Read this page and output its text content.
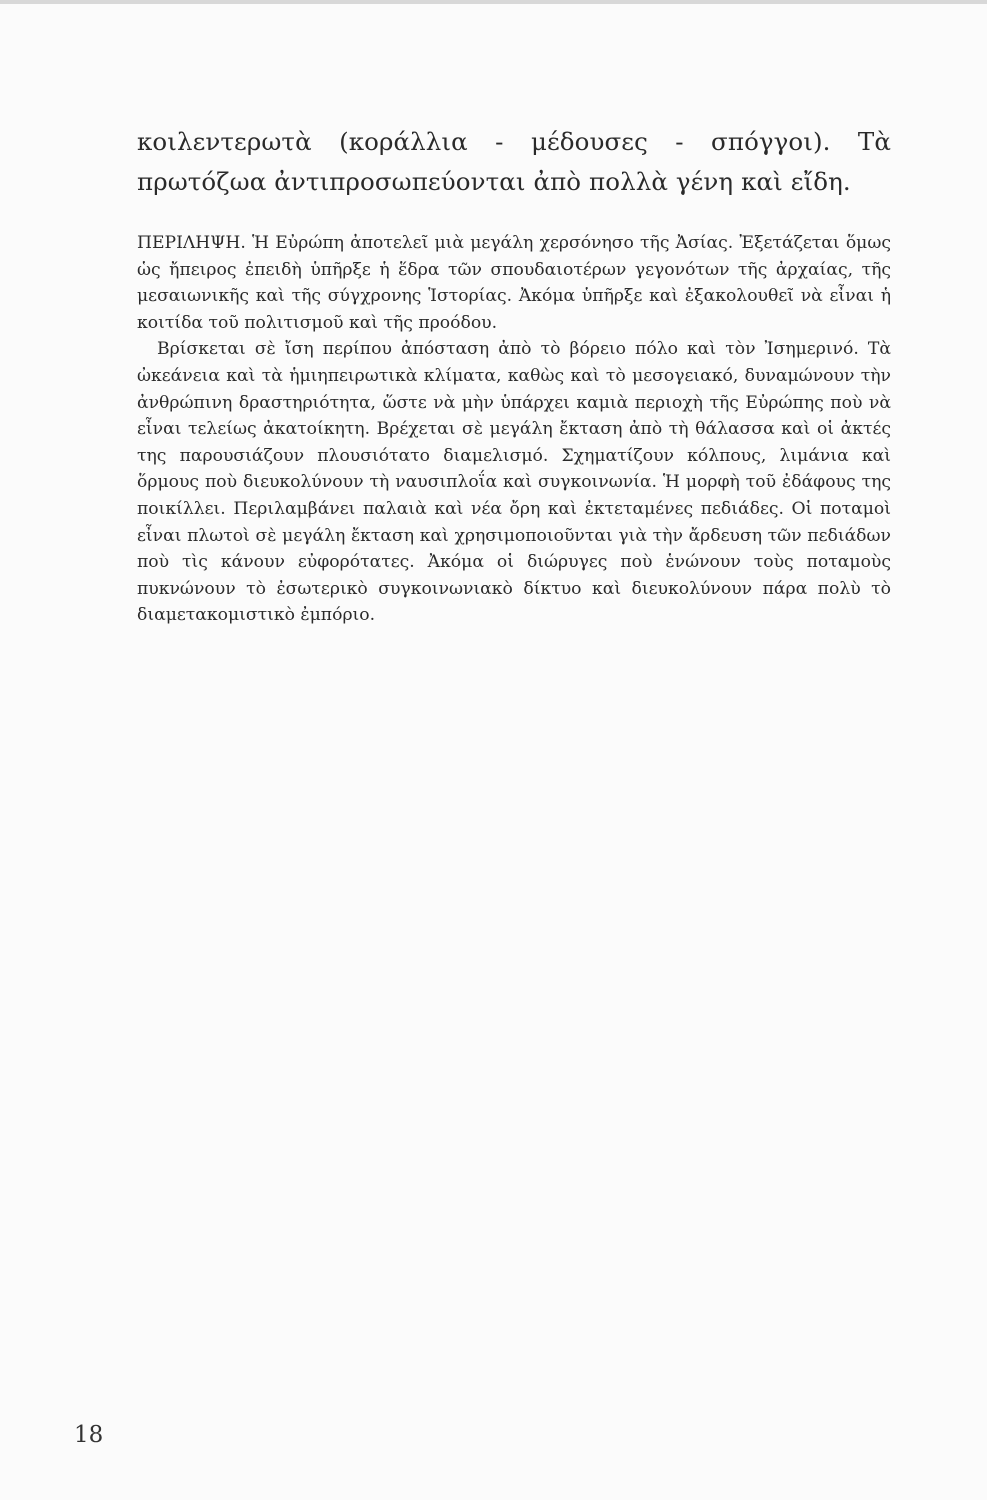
κοιλεντερωτὰ (κοράλλια - μέδουσες - σπόγγοι). Τὰ πρωτόζωα ἀντιπροσωπεύονται ἀπὸ πολλὰ γένη καὶ εἴδη.

ΠΕΡΙΛΗΨΗ. Ἡ Εὐρώπη ἀποτελεῖ μιὰ μεγάλη χερσόνησο τῆς Ἀσίας. Ἐξετάζεται ὅμως ὡς ἤπειρος ἐπειδὴ ὑπῆρξε ἡ ἕδρα τῶν σπουδαιοτέρων γεγονότων τῆς ἀρχαίας, τῆς μεσαιωνικῆς καὶ τῆς σύγχρονης Ἱστορίας. Ἀκόμα ὑπῆρξε καὶ ἐξακολουθεῖ νὰ εἶναι ἡ κοιτίδα τοῦ πολιτισμοῦ καὶ τῆς προόδου.

Βρίσκεται σὲ ἴση περίπου ἀπόσταση ἀπὸ τὸ βόρειο πόλο καὶ τὸν Ἰσημερινό. Τὰ ὠκεάνεια καὶ τὰ ἡμιηπειρωτικὰ κλίματα, καθὼς καὶ τὸ μεσογειακό, δυναμώνουν τὴν ἀνθρώπινη δραστηριότητα, ὥστε νὰ μὴν ὑπάρχει καμιὰ περιοχὴ τῆς Εὐρώπης ποὺ νὰ εἶναι τελείως ἀκατοίκητη. Βρέχεται σὲ μεγάλη ἔκταση ἀπὸ τὴ θάλασσα καὶ οἱ ἀκτές της παρουσιάζουν πλουσιότατο διαμελισμό. Σχηματίζουν κόλπους, λιμάνια καὶ ὅρμους ποὺ διευκολύνουν τὴ ναυσιπλοΐα καὶ συγκοινωνία. Ἡ μορφὴ τοῦ ἐδάφους της ποικίλλει. Περιλαμβάνει παλαιὰ καὶ νέα ὄρη καὶ ἐκτεταμένες πεδιάδες. Οἱ ποταμοὶ εἶναι πλωτοὶ σὲ μεγάλη ἔκταση καὶ χρησιμοποιοῦνται γιὰ τὴν ἄρδευση τῶν πεδιάδων ποὺ τὶς κάνουν εὐφορότατες. Ἀκόμα οἱ διώρυγες ποὺ ἑνώνουν τοὺς ποταμοὺς πυκνώνουν τὸ ἐσωτερικὸ συγκοινωνιακὸ δίκτυο καὶ διευκολύνουν πάρα πολὺ τὸ διαμετακομιστικὸ ἐμπόριο.

18
